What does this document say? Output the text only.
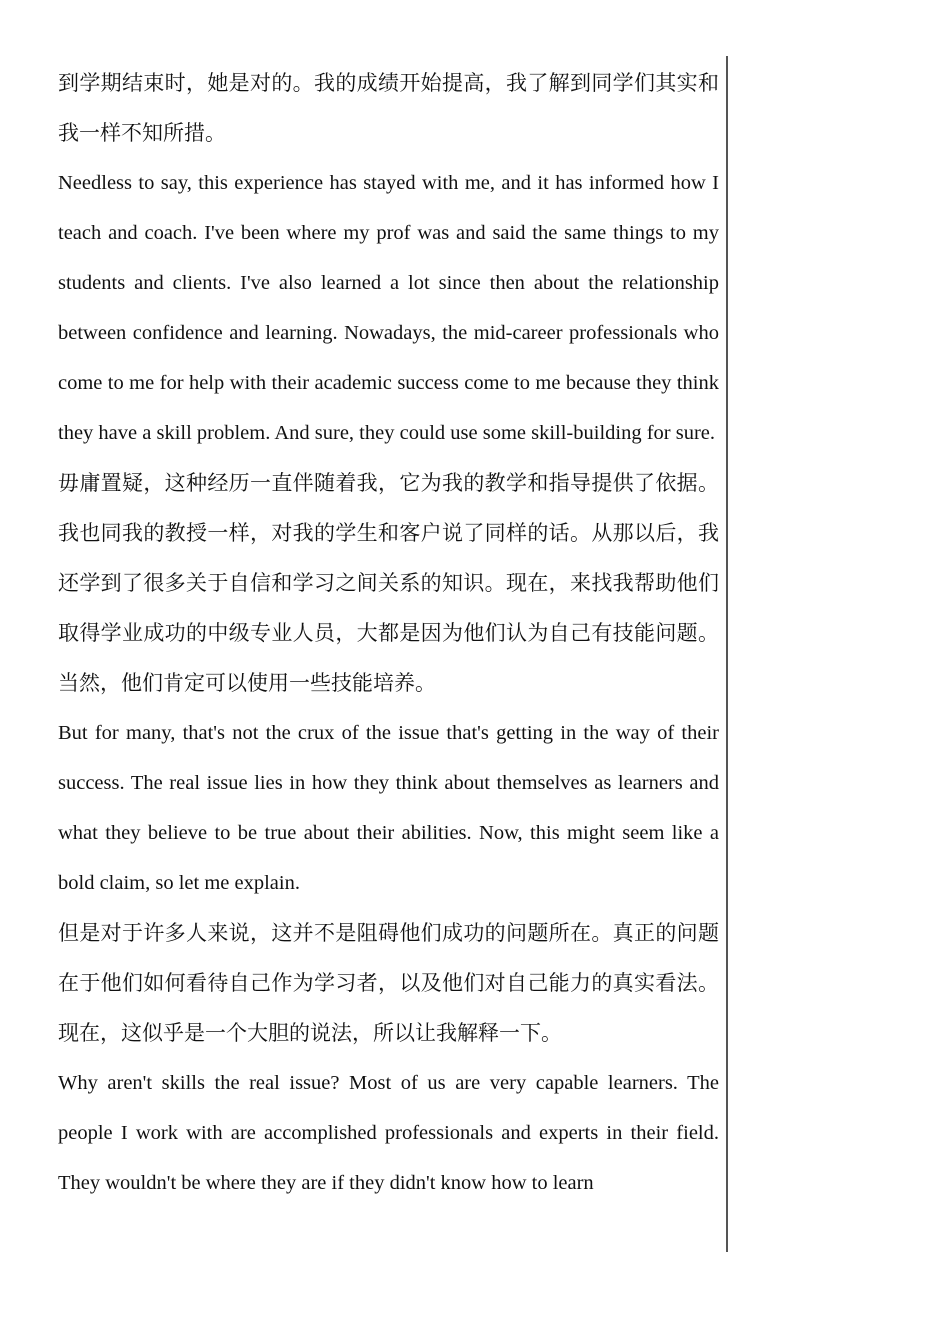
到学期结束时，她是对的。我的成绩开始提高，我了解到同学们其实和我一样不知所措。

Needless to say, this experience has stayed with me, and it has informed how I teach and coach. I've been where my prof was and said the same things to my students and clients. I've also learned a lot since then about the relationship between confidence and learning. Nowadays, the mid-career professionals who come to me for help with their academic success come to me because they think they have a skill problem. And sure, they could use some skill-building for sure.

毋庸置疑，这种经历一直伴随着我，它为我的教学和指导提供了依据。我也同我的教授一样，对我的学生和客户说了同样的话。从那以后，我还学到了很多关于自信和学习之间关系的知识。现在，来找我帮助他们取得学业成功的中级专业人员，大都是因为他们认为自己有技能问题。当然，他们肯定可以使用一些技能培养。

But for many, that's not the crux of the issue that's getting in the way of their success. The real issue lies in how they think about themselves as learners and what they believe to be true about their abilities. Now, this might seem like a bold claim, so let me explain.

但是对于许多人来说，这并不是阻碍他们成功的问题所在。真正的问题在于他们如何看待自己作为学习者，以及他们对自己能力的真实看法。现在，这似乎是一个大胆的说法，所以让我解释一下。

Why aren't skills the real issue? Most of us are very capable learners. The people I work with are accomplished professionals and experts in their field. They wouldn't be where they are if they didn't know how to learn
